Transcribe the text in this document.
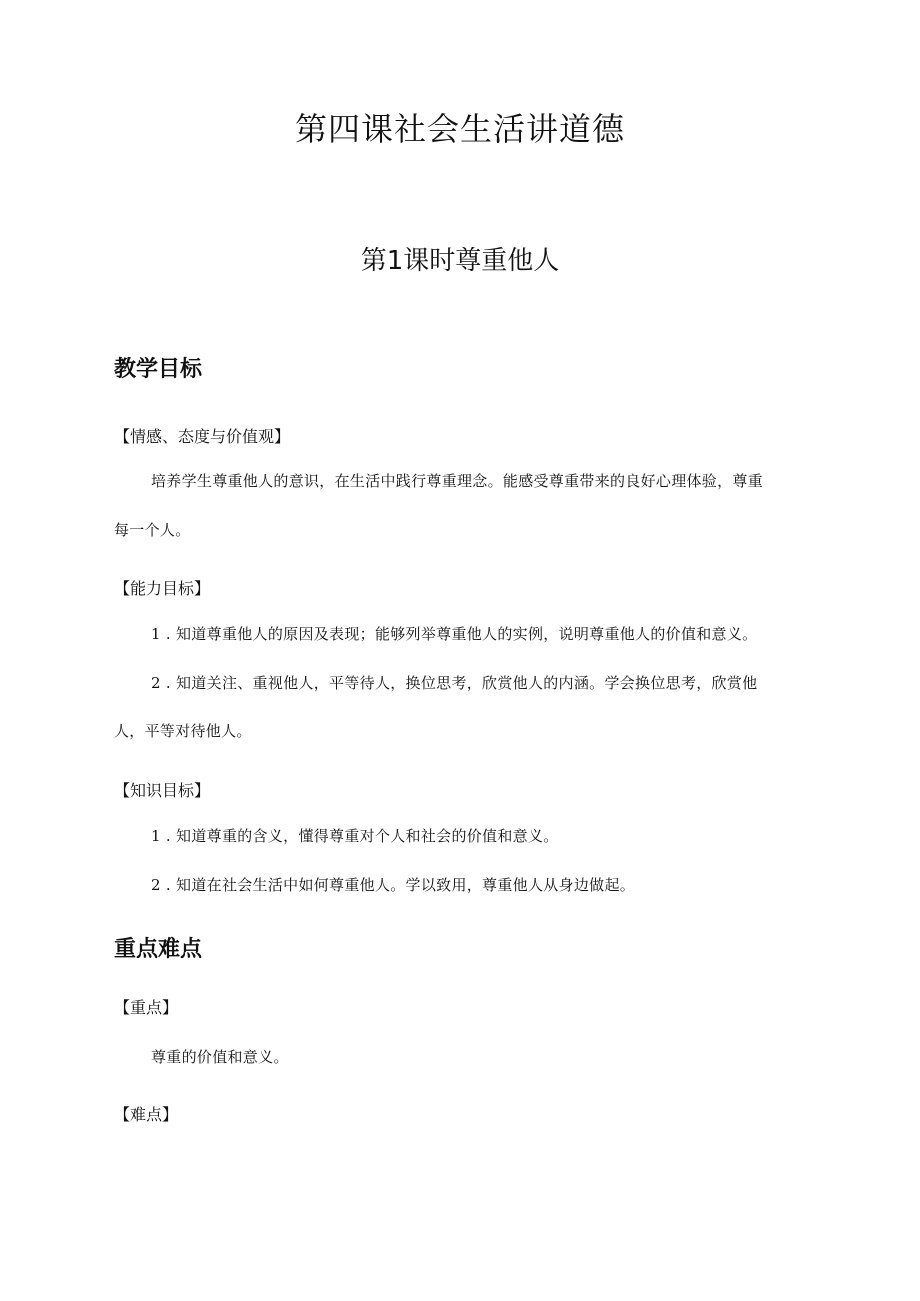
第四课社会生活讲道德
第1课时尊重他人
教学目标
【情感、态度与价值观】
培养学生尊重他人的意识，在生活中践行尊重理念。能感受尊重带来的良好心理体验，尊重
每一个人。
【能力目标】
1 . 知道尊重他人的原因及表现；能够列举尊重他人的实例，说明尊重他人的价值和意义。
2 . 知道关注、重视他人，平等待人，换位思考，欣赏他人的内涵。学会换位思考，欣赏他
人，平等对待他人。
【知识目标】
1 . 知道尊重的含义，懂得尊重对个人和社会的价值和意义。
2 . 知道在社会生活中如何尊重他人。学以致用，尊重他人从身边做起。
重点难点
【重点】
尊重的价值和意义。
【难点】
